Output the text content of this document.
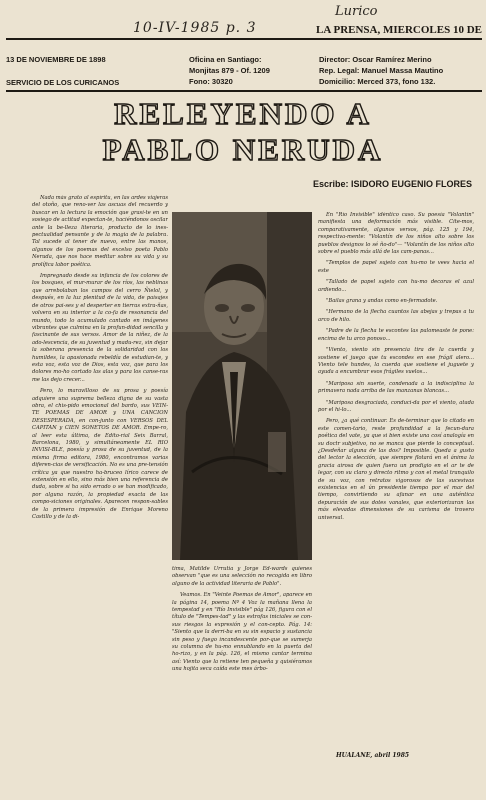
Lurico
10-IV-1985 p. 3	LA PRENSA, MIERCOLES 10 DE
13 DE NOVIEMBRE DE 1898
SERVICIO DE LOS CURICANOS
Oficina en Santiago:
Monjitas 879 - Of. 1209
Fono: 30320
Director: Oscar Ramírez Merino
Rep. Legal: Manuel Massa Mautino
Domicilio: Merced 373, fono 132.
RELEYENDO A
PABLO NERUDA
Escribe: ISIDORO EUGENIO FLORES

Nada más grato al espíritu, en las ardes viajeras del otoño, que reno-ver las ascuas del recuerdo y buscar en la lectura la emoción que grasi-te en un sosiego de actitud expectan-te, haciéndonos oscilar ante la be-lleza literaria, producto de lo ines-pectualidad pensante y de la magia de la palabra. Tal sucede al tener de nuevo, entre las manos, algunos de los poemas del excelso poeta Pablo Neruda, que nos hace meditar sobre su vida y su prolífica labor poética.

Impregnado desde su infancia de los colores de los bosques, el mur-murar de los ríos, las neblinas que arrebolaban los campos del cerro Ñielol, y después, en la luz plenitud de la vida, de paisajes de otros pai-ses y el desperter en tierras extra-ñas, volvera en su interior a la co-fa de resonancia del mundo, todo lo acumulado cantado en imágenes vibrantes que culmina en la profun-didad sencilla y fascinante de sus versos. Amor de la niñez, de la ado-lescencia, de su juventud y madu-rez, sin dejar la soberana presencia de la solidaridad con los humildes, la apasionada rebeldía de estudian-te, y esta voz, esta voz de Dios, esta voz, que para los dolores mo-ho cortado las alas y para los canse-ras me las dejo crecer...

Pero, lo maravilloso de su prosa y poesía adquiere una suprema belleza digna de su vasta obra, el chis-pido emocional del bardo, sus VEIN-TE POEMAS DE AMOR y UNA CANCION DESESPERADA, en con-junto con VERSOS DEL CAPITAN y CIEN SONETOS DE AMOR. Empe-ro, al leer esta última, de Edito-rial Seix Barral, Barcelona, 1980, y simultáneamente EL RIO INVISI-BLE, poesía y prosa de su juventud, de la misma firma editora, 1980, encontramos varias diferen-cias de versificación. No es una pre-tensión crítica ya que nuestro ha-bruceo lírico carece de extensión en ello, sino más bien una referencia de duda, sobre si ha sido errado o se han modificado, por alguna razón, la propiedad exacta de las compo-siciones originales. Aparecen respon-sables de la primera impresión de Enrique Moreno Castillo y de la di-

tima, Matilde Urrutia y Jorge Ed-wards quienes observan "que es una selección no recogida en libro alguno de la actividad literaria de Pablo".

Veamos. En "Veinte Poemas de Amor", aparece en la página 14, poema Nº 4 Voz la mañana llena la tempestad y en "Río Invisible" pág 126, figura con el título de "Tempes-tad" y las estrofas iniciales se con-sus riesgos la expresión y el con-cepto. Pág. 14: "Siento que la derri-ba en su sin espacio y sustancia sin peso y fuego incandescente por-que se sumerja su columna de hu-mo ennublando en la puerta del ho-rizo, y en la pág. 126, el mismo cantar termina así: Viento que la retiene ten pequeña y quisiéramos una hojita seca caída este mes árbo-

En "Río Invisible" idéntico caso. Su poesía "Volantín" manifiesta una deformación más visible. Cite-mos, comparativamente, algunos versos, pág. 125 y 194, respectiva-mente: "Volantín de los niños alto sobre los pueblos designos lo sé ño-do"— "Volantín de los niños alto sobre el pueblo más allá de las cam-panas...

"Templos de papel sujeto con hu-mo te vees hacia el este

"Tallado de papel sujeto con hu-mo decoras el azul ardiendo...

"Bailas grana y andas como en-fermadote.

"Hermano de la flecha cuantos las abejas y trepas a tu arco de hilo.

"Padre de la flecha te escontes las palomeaste te pone: encima de tu arco ponoso...

"Viento, viento sin presencia tira de la cuerda y sostiene el juego que tu escondes en ese frágil alero... Viento tele hundes, la cuerda que sostiene el juguete y ayuda a encumbrar esos frágiles vuelos...

"Mariposa sin suerte, condenada a la indisciplina la primavera nada arriba de las manzanas blancas...

"Mariposa desgraciada, conduci-da por el viento, atada por el hi-lo...

Pero, ¿a qué continuar. Es de-terminar que lo citado en este comen-tario, reste profundidad a la fecun-dura poética del vate, ya que si bien existe una cosí analogía en su doctr subjetivo, no se manca que pierde lo conceptual. ¿Desdeñar alguna de las dos? Imposible. Queda a gusto del lector la elección, que siempre flotará en el ánima la gracia airosa de quien fuera un prodigio en el ar te de legar, con su claro y directo ritmo y con el metal tranquilo de su voz, con retratos vigorosos de las sucesivas existencias en el ún presidente tiempo por el mar del tiempo, convirtiendo su afanar en una auténtica depuración de sus dotes vanales, que exteriorizaran las más elevadas dimensiones de su carisma de trovero universal.

HUALANE, abril 1985
